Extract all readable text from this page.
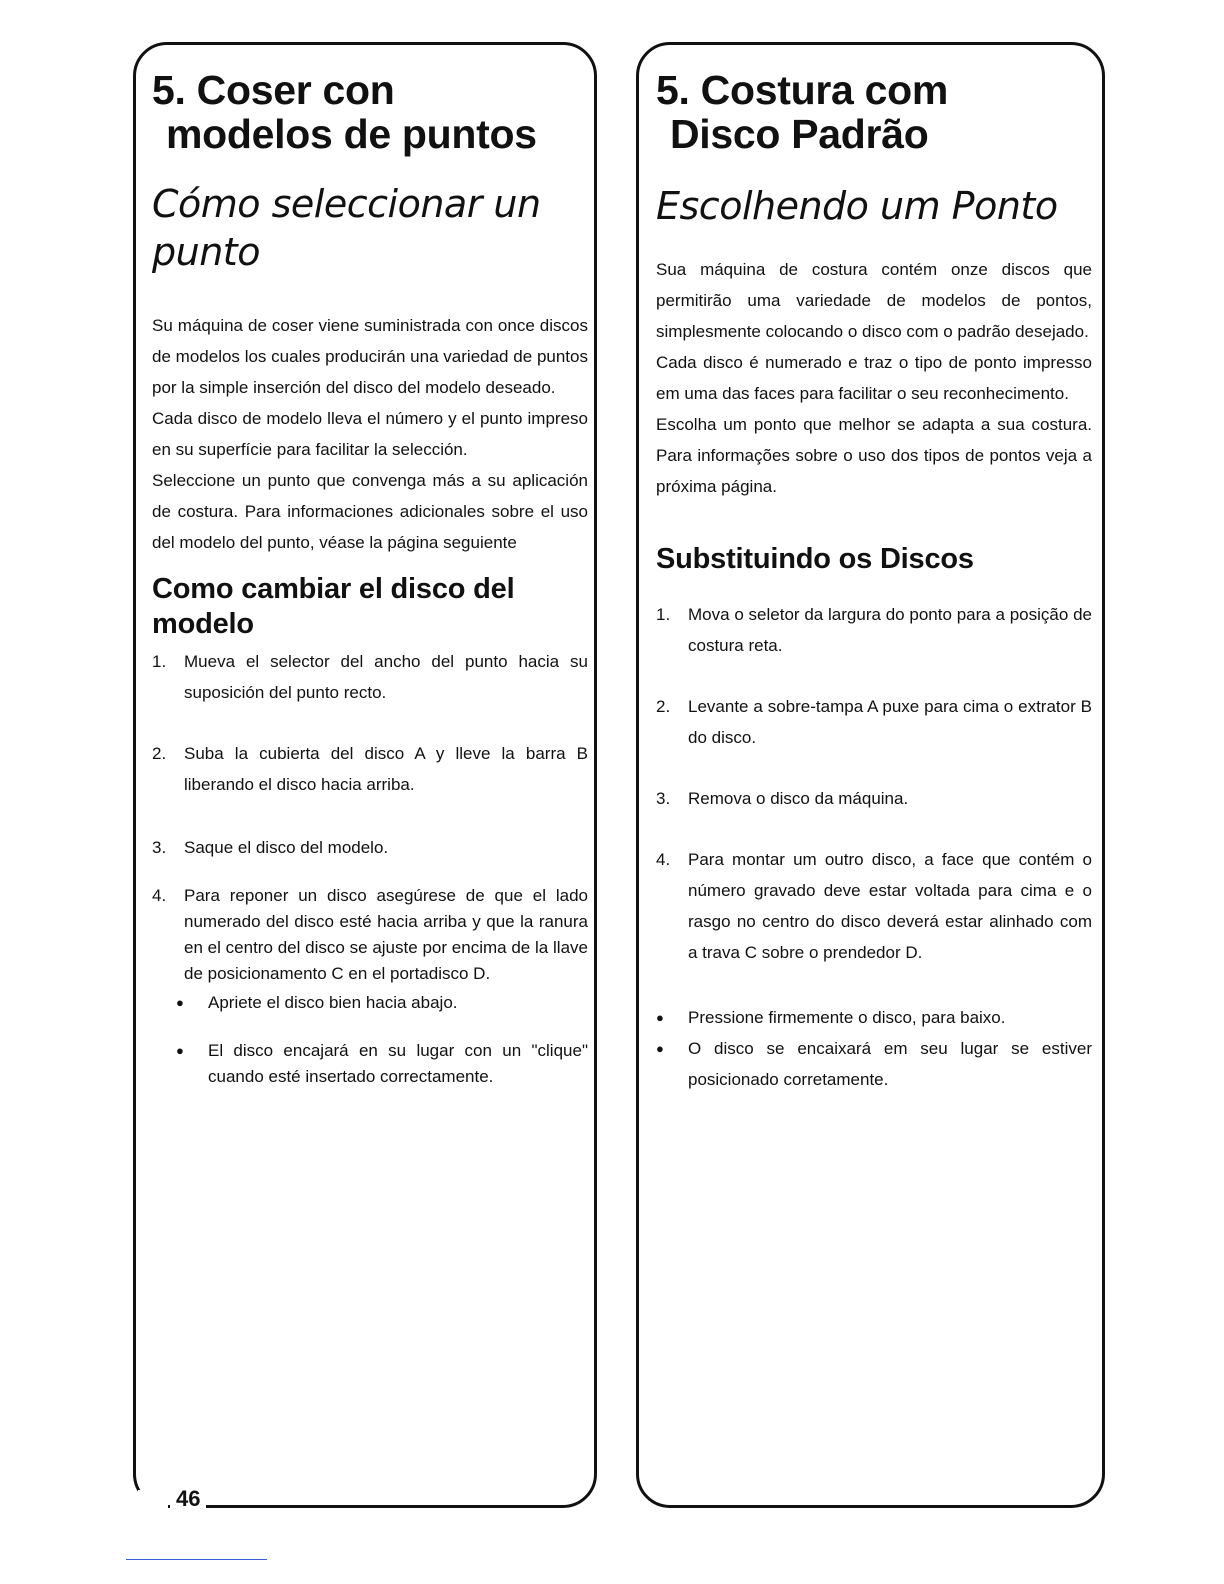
5. Coser con
modelos de puntos
Cómo seleccionar un punto

Su máquina de coser viene suministrada con once discos de modelos los cuales producirán una variedad de puntos por la simple inserción del disco del modelo deseado.

Cada disco de modelo lleva el número y el punto impreso en su superfície para facilitar la selección.

Seleccione un punto que convenga más a su aplicación de costura. Para informaciones adicionales sobre el uso del modelo del punto, véase la página seguiente

Como cambiar el disco del modelo
1. Mueva el selector del ancho del punto hacia su suposición del punto recto.
2. Suba la cubierta del disco A y lleve la barra B liberando el disco hacia arriba.
3. Saque el disco del modelo.
4. Para reponer un disco asegúrese de que el lado numerado del disco esté hacia arriba y que la ranura en el centro del disco se ajuste por encima de la llave de posicionamento C en el portadisco D.
● Apriete el disco bien hacia abajo.
● El disco encajará en su lugar con un "clique" cuando esté insertado correctamente.
5. Costura com
Disco Padrão
Escolhendo um Ponto

Sua máquina de costura contém onze discos que permitirão uma variedade de modelos de pontos, simplesmente colocando o disco com o padrão desejado.

Cada disco é numerado e traz o tipo de ponto impresso em uma das faces para facilitar o seu reconhecimento.

Escolha um ponto que melhor se adapta a sua costura. Para informações sobre o uso dos tipos de pontos veja a próxima página.

Substituindo os Discos
1. Mova o seletor da largura do ponto para a posição de costura reta.
2. Levante a sobre-tampa A puxe para cima o extrator B do disco.
3. Remova o disco da máquina.
4. Para montar um outro disco, a face que contém o número gravado deve estar voltada para cima e o rasgo no centro do disco deverá estar alinhado com a trava C sobre o prendedor D.
● Pressione firmemente o disco, para baixo.
● O disco se encaixará em seu lugar se estiver posicionado corretamente.
46
